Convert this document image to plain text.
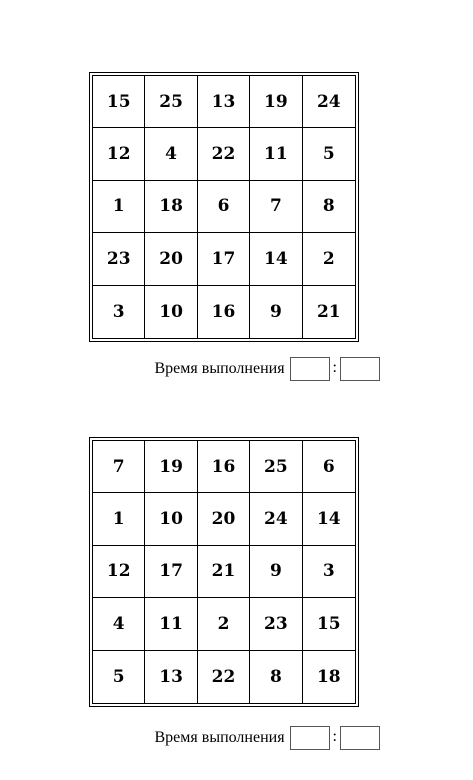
15	25	13	19	24
12	4	22	11	5
1	18	6	7	8
23	20	17	14	2
3	10	16	9	21
Время выполнения	:
7	19	16	25	6
1	10	20	24	14
12	17	21	9	3
4	11	2	23	15
5	13	22	8	18
Время выполнения	:
